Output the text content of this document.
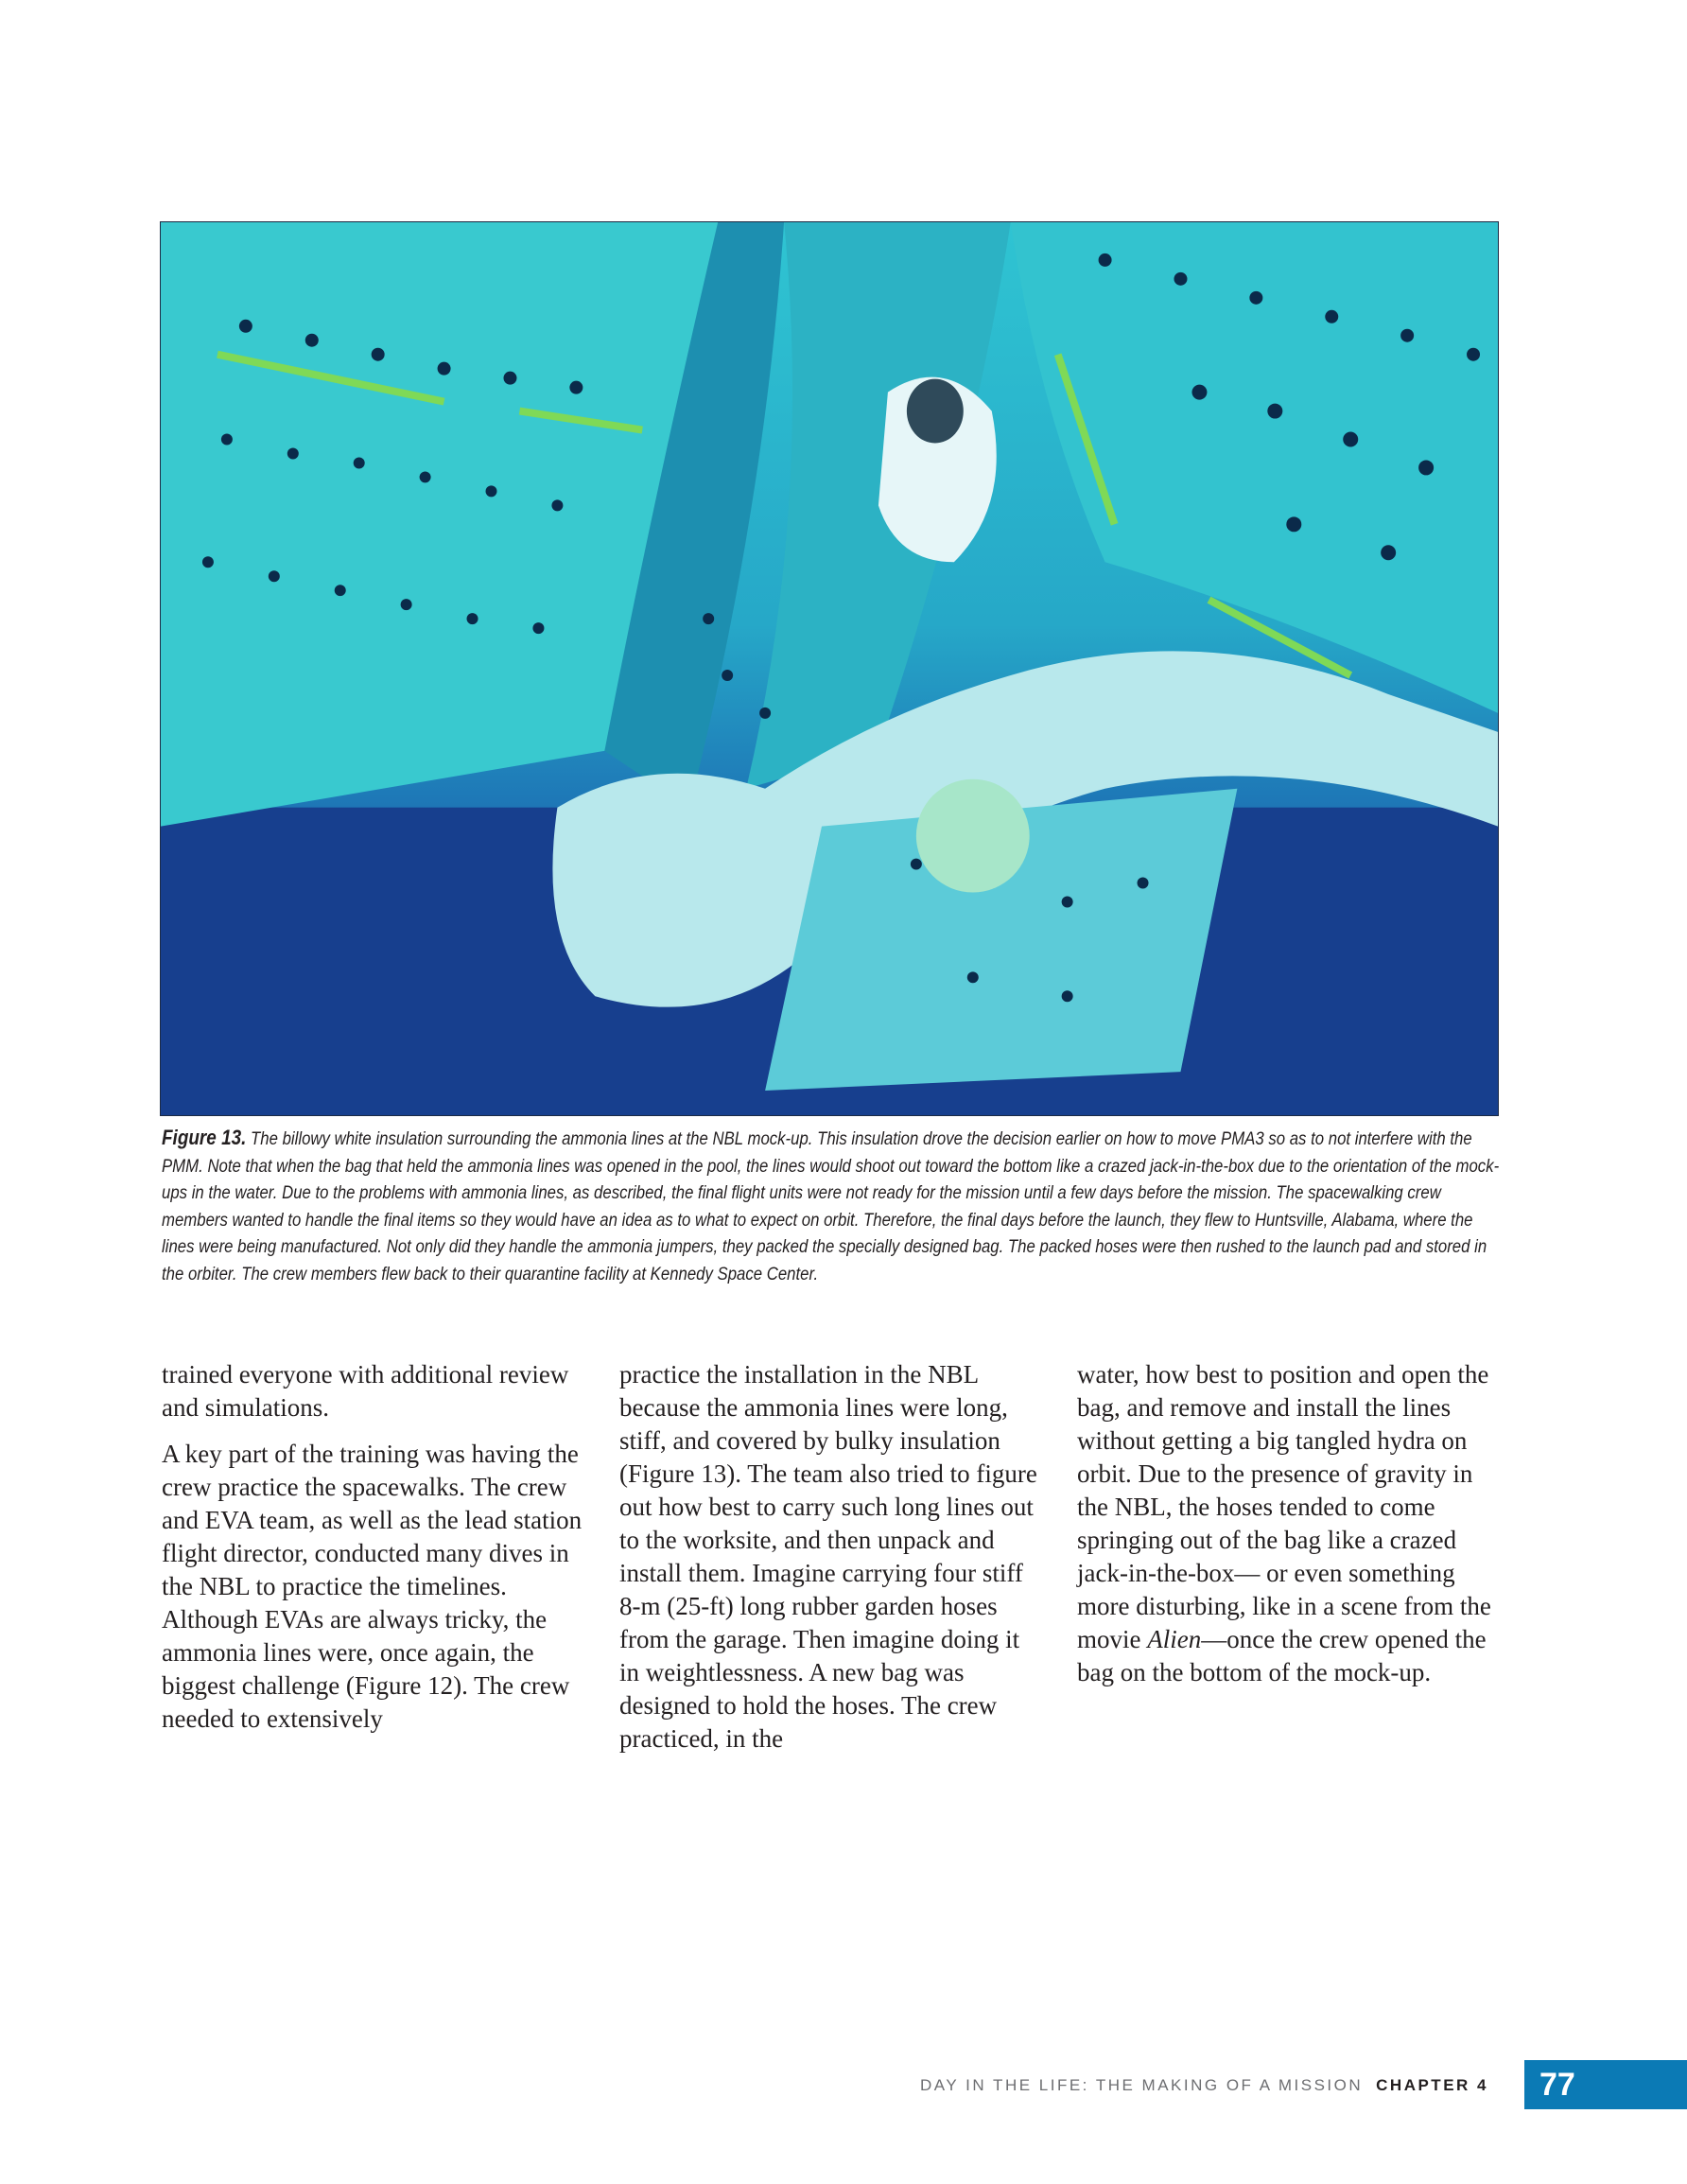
Figure 13. The billowy white insulation surrounding the ammonia lines at the NBL mock-up. This insulation drove the decision earlier on how to move PMA3 so as to not interfere with the PMM. Note that when the bag that held the ammonia lines was opened in the pool, the lines would shoot out toward the bottom like a crazed jack-in-the-box due to the orientation of the mock-ups in the water. Due to the problems with ammonia lines, as described, the final flight units were not ready for the mission until a few days before the mission. The spacewalking crew members wanted to handle the final items so they would have an idea as to what to expect on orbit. Therefore, the final days before the launch, they flew to Huntsville, Alabama, where the lines were being manufactured. Not only did they handle the ammonia jumpers, they packed the specially designed bag. The packed hoses were then rushed to the launch pad and stored in the orbiter. The crew members flew back to their quarantine facility at Kennedy Space Center.

trained everyone with additional review and simulations.

A key part of the training was having the crew practice the spacewalks. The crew and EVA team, as well as the lead station flight director, conducted many dives in the NBL to practice the timelines. Although EVAs are always tricky, the ammonia lines were, once again, the biggest challenge (Figure 12). The crew needed to extensively

practice the installation in the NBL because the ammonia lines were long, stiff, and covered by bulky insulation (Figure 13). The team also tried to figure out how best to carry such long lines out to the worksite, and then unpack and install them. Imagine carrying four stiff 8-m (25-ft) long rubber garden hoses from the garage. Then imagine doing it in weightlessness. A new bag was designed to hold the hoses. The crew practiced, in the

water, how best to position and open the bag, and remove and install the lines without getting a big tangled hydra on orbit. Due to the presence of gravity in the NBL, the hoses tended to come springing out of the bag like a crazed jack-in-the-box— or even something more disturbing, like in a scene from the movie Alien—once the crew opened the bag on the bottom of the mock-up.

DAY IN THE LIFE: THE MAKING OF A MISSION CHAPTER 4	77
